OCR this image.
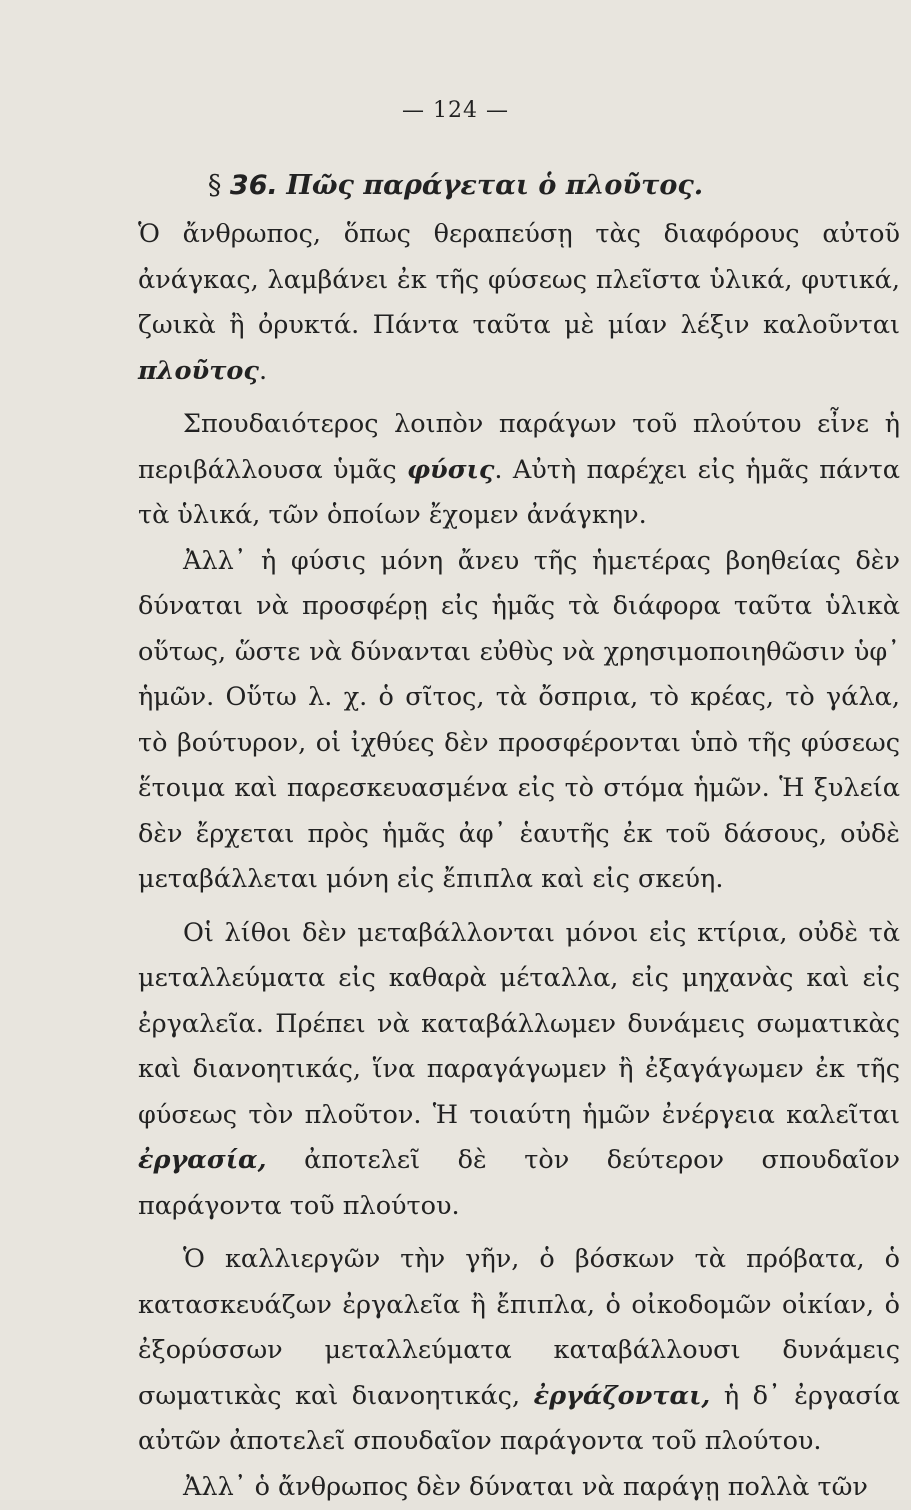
— 124 —
§ 36. Πῶς παράγεται ὁ πλοῦτος.

Ὁ ἄνθρωπος, ὅπως θεραπεύσῃ τὰς διαφόρους αὐτοῦ ἀνάγκας, λαμβάνει ἐκ τῆς φύσεως πλεῖστα ὑλικά, φυτικά, ζωικὰ ἢ ὀρυκτά. Πάντα ταῦτα μὲ μίαν λέξιν καλοῦνται πλοῦτος.

Σπουδαιότερος λοιπὸν παράγων τοῦ πλούτου εἶνε ἡ περιβάλλουσα ὑμᾶς φύσις. Αὐτὴ παρέχει εἰς ἡμᾶς πάντα τὰ ὑλικά, τῶν ὁποίων ἔχομεν ἀνάγκην.

Ἀλλ᾽ ἡ φύσις μόνη ἄνευ τῆς ἡμετέρας βοηθείας δὲν δύναται νὰ προσφέρῃ εἰς ἡμᾶς τὰ διάφορα ταῦτα ὑλικὰ οὕτως, ὥστε νὰ δύνανται εὐθὺς νὰ χρησιμοποιηθῶσιν ὑφ᾽ ἡμῶν. Οὕτω λ. χ. ὁ σῖτος, τὰ ὄσπρια, τὸ κρέας, τὸ γάλα, τὸ βούτυρον, οἱ ἰχθύες δὲν προσφέρονται ὑπὸ τῆς φύσεως ἕτοιμα καὶ παρεσκευασμένα εἰς τὸ στόμα ἡμῶν. Ἡ ξυλεία δὲν ἔρχεται πρὸς ἡμᾶς ἀφ᾽ ἑαυτῆς ἐκ τοῦ δάσους, οὐδὲ μεταβάλλεται μόνη εἰς ἔπιπλα καὶ εἰς σκεύη.

Οἱ λίθοι δὲν μεταβάλλονται μόνοι εἰς κτίρια, οὐδὲ τὰ μεταλλεύματα εἰς καθαρὰ μέταλλα, εἰς μηχανὰς καὶ εἰς ἐργαλεῖα. Πρέπει νὰ καταβάλλωμεν δυνάμεις σωματικὰς καὶ διανοητικάς, ἵνα παραγάγωμεν ἢ ἐξαγάγωμεν ἐκ τῆς φύσεως τὸν πλοῦτον. Ἡ τοιαύτη ἡμῶν ἐνέργεια καλεῖται ἐργασία, ἀποτελεῖ δὲ τὸν δεύτερον σπουδαῖον παράγοντα τοῦ πλούτου.

Ὁ καλλιεργῶν τὴν γῆν, ὁ βόσκων τὰ πρόβατα, ὁ κατασκευάζων ἐργαλεῖα ἢ ἔπιπλα, ὁ οἰκοδομῶν οἰκίαν, ὁ ἐξορύσσων μεταλλεύματα καταβάλλουσι δυνάμεις σωματικὰς καὶ διανοητικάς, ἐργάζονται, ἡ δ᾽ ἐργασία αὐτῶν ἀποτελεῖ σπουδαῖον παράγοντα τοῦ πλούτου.

Ἀλλ᾽ ὁ ἄνθρωπος δὲν δύναται νὰ παράγῃ πολλὰ τῶν
